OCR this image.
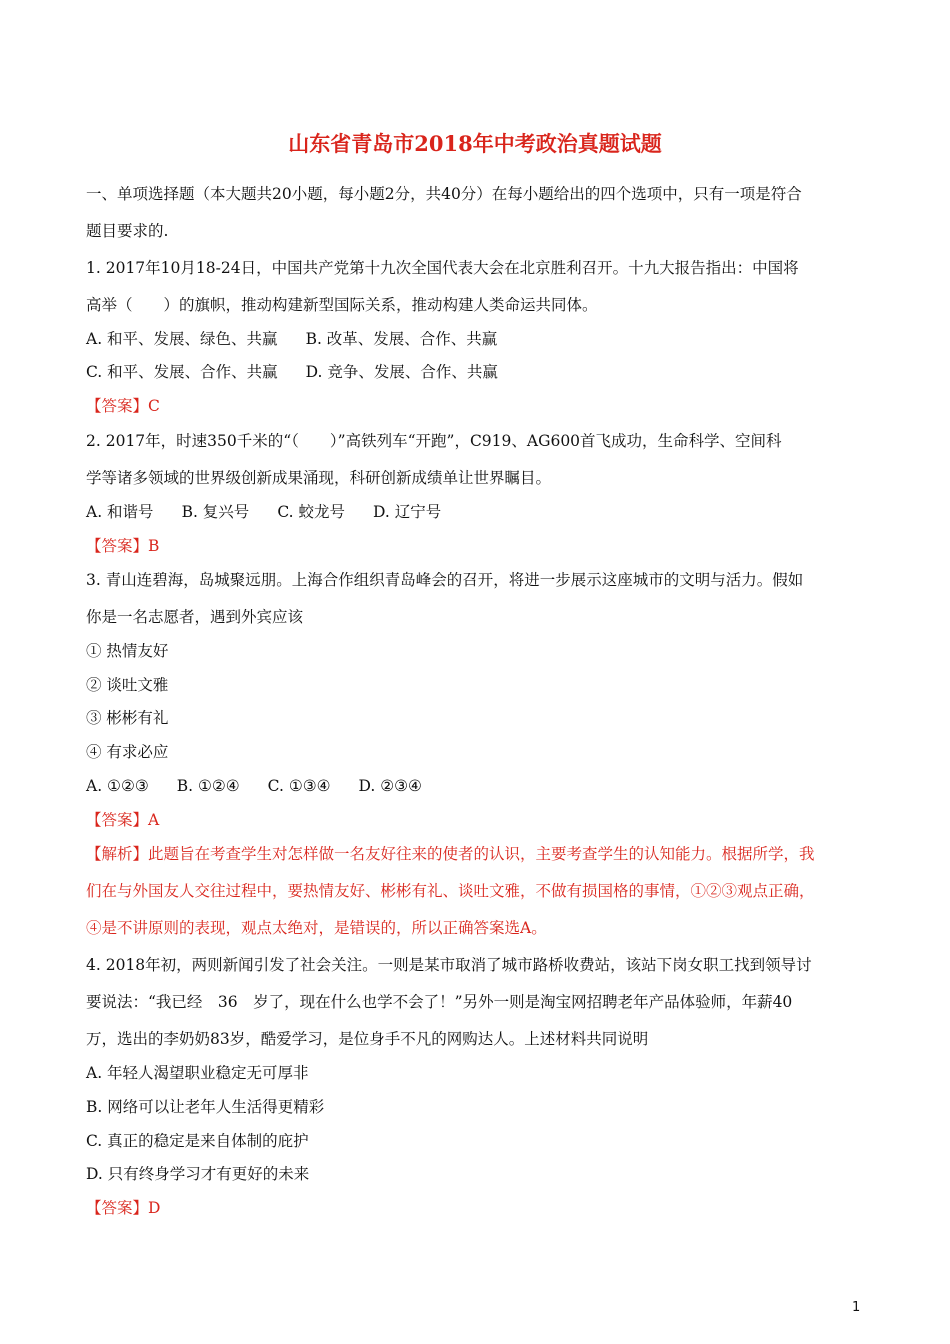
山东省青岛市2018年中考政治真题试题
一、单项选择题（本大题共20小题，每小题2分，共40分）在每小题给出的四个选项中，只有一项是符合
题目要求的.
1. 2017年10月18-24日，中国共产党第十九次全国代表大会在北京胜利召开。十九大报告指出：中国将
高举（　　）的旗帜，推动构建新型国际关系，推动构建人类命运共同体。
A. 和平、发展、绿色、共赢 B. 改革、发展、合作、共赢
C. 和平、发展、合作、共赢 D. 竞争、发展、合作、共赢
【答案】C
2. 2017年，时速350千米的“（　　）”高铁列车“开跑”，C919、AG600首飞成功，生命科学、空间科
学等诸多领域的世界级创新成果涌现，科研创新成绩单让世界瞩目。
A. 和谐号 B. 复兴号 C. 蛟龙号 D. 辽宁号
【答案】B
3. 青山连碧海，岛城聚远朋。上海合作组织青岛峰会的召开，将进一步展示这座城市的文明与活力。假如
你是一名志愿者，遇到外宾应该
① 热情友好
② 谈吐文雅
③ 彬彬有礼
④ 有求必应
A. ①②③ B. ①②④ C. ①③④ D. ②③④
【答案】A
【解析】此题旨在考查学生对怎样做一名友好往来的使者的认识，主要考查学生的认知能力。根据所学，我
们在与外国友人交往过程中，要热情友好、彬彬有礼、谈吐文雅，不做有损国格的事情，①②③观点正确，
④是不讲原则的表现，观点太绝对，是错误的，所以正确答案选A。
4. 2018年初，两则新闻引发了社会关注。一则是某市取消了城市路桥收费站，该站下岗女职工找到领导讨
要说法：“我已经　36　岁了，现在什么也学不会了！”另外一则是淘宝网招聘老年产品体验师，年薪40
万，选出的李奶奶83岁，酷爱学习，是位身手不凡的网购达人。上述材料共同说明
A. 年轻人渴望职业稳定无可厚非
B. 网络可以让老年人生活得更精彩
C. 真正的稳定是来自体制的庇护
D. 只有终身学习才有更好的未来
【答案】D
1
